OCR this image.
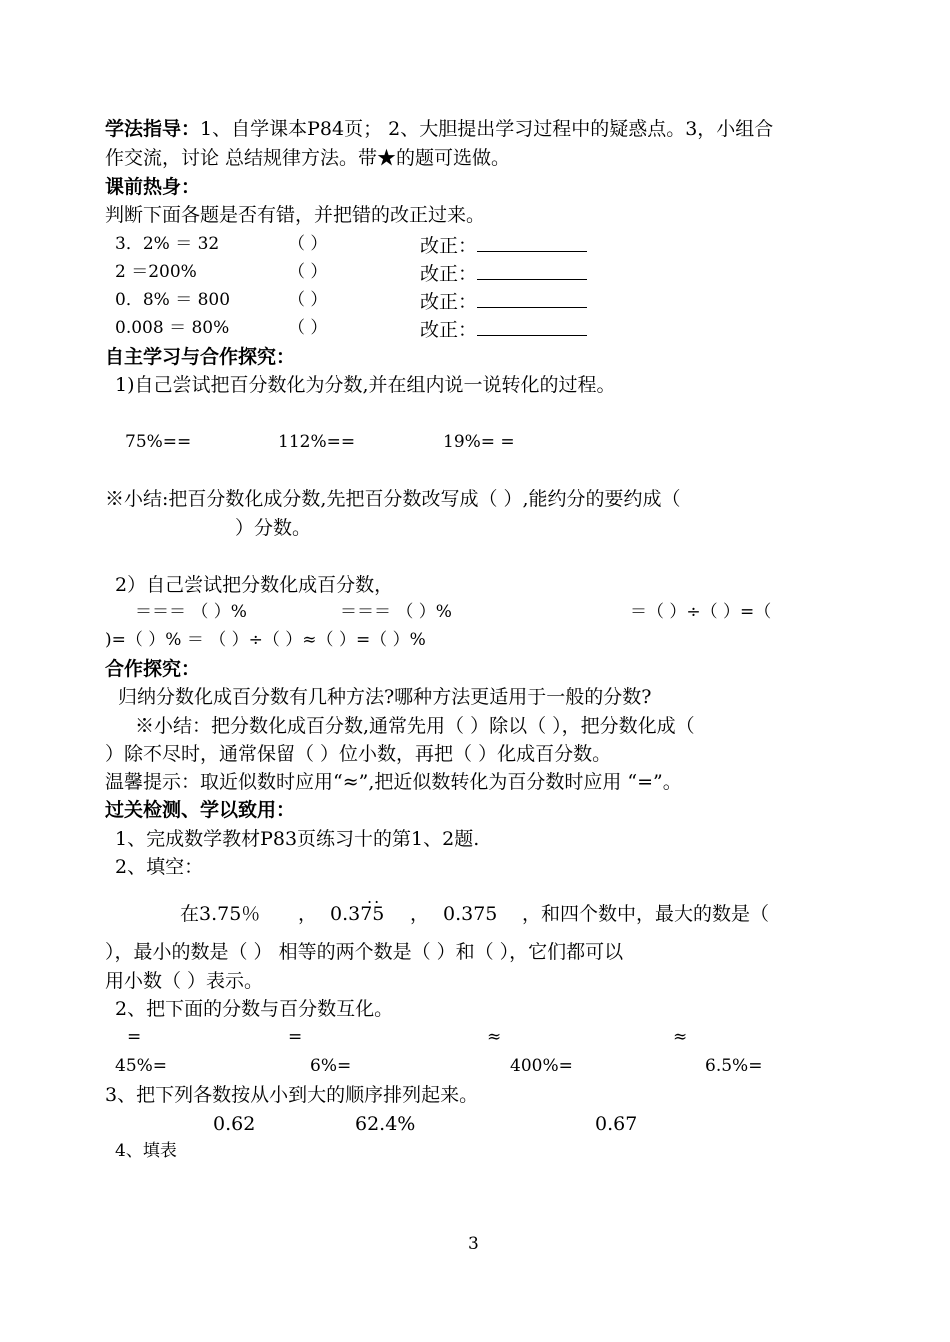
学法指导：1、自学课本P84页； 2、大胆提出学习过程中的疑惑点。3，小组合
作交流，讨论 总结规律方法。带★的题可选做。
课前热身：
判断下面各题是否有错，并把错的改正过来。
3．2% ＝ 32	（ ）	改正：
2 ＝200%	（ ）	改正：
0．8% ＝ 800	（ ）	改正：
0.008 ＝ 80%	（ ）	改正：
自主学习与合作探究：
1)自己尝试把百分数化为分数,并在组内说一说转化的过程。
75%==	112%==	19%= =
※小结:把百分数化成分数,先把百分数改写成（ ）,能约分的要约成（
）分数。
2）自己尝试把分数化成百分数，
＝＝＝ （ ）%	＝＝＝ （ ）%	＝（ ）÷（ ）=（
)=（ ）% ＝ （ ）÷（ ）≈（ ）=（ ）%
合作探究：
归纳分数化成百分数有几种方法?哪种方法更适用于一般的分数?
※小结：把分数化成百分数,通常先用（ ）除以（ ），把分数化成（
）除不尽时，通常保留（ ）位小数，再把（ ）化成百分数。
温馨提示：取近似数时应用“≈”,把近似数转化为百分数时应用 “=”。
过关检测、学以致用：
1、完成数学教材P83页练习十的第1、2题.
2、填空：
..
在3.75％ ， 0.375 ， 0.375 ，和四个数中，最大的数是（
），最小的数是（ ） 相等的两个数是（ ）和（ ），它们都可以
用小数（ ）表示。
2、把下面的分数与百分数互化。
=	=	≈	≈
45%=	6%=	400%=	6.5%=
3、把下列各数按从小到大的顺序排列起来。
0.62	62.4%	0.67
4、填表
3
